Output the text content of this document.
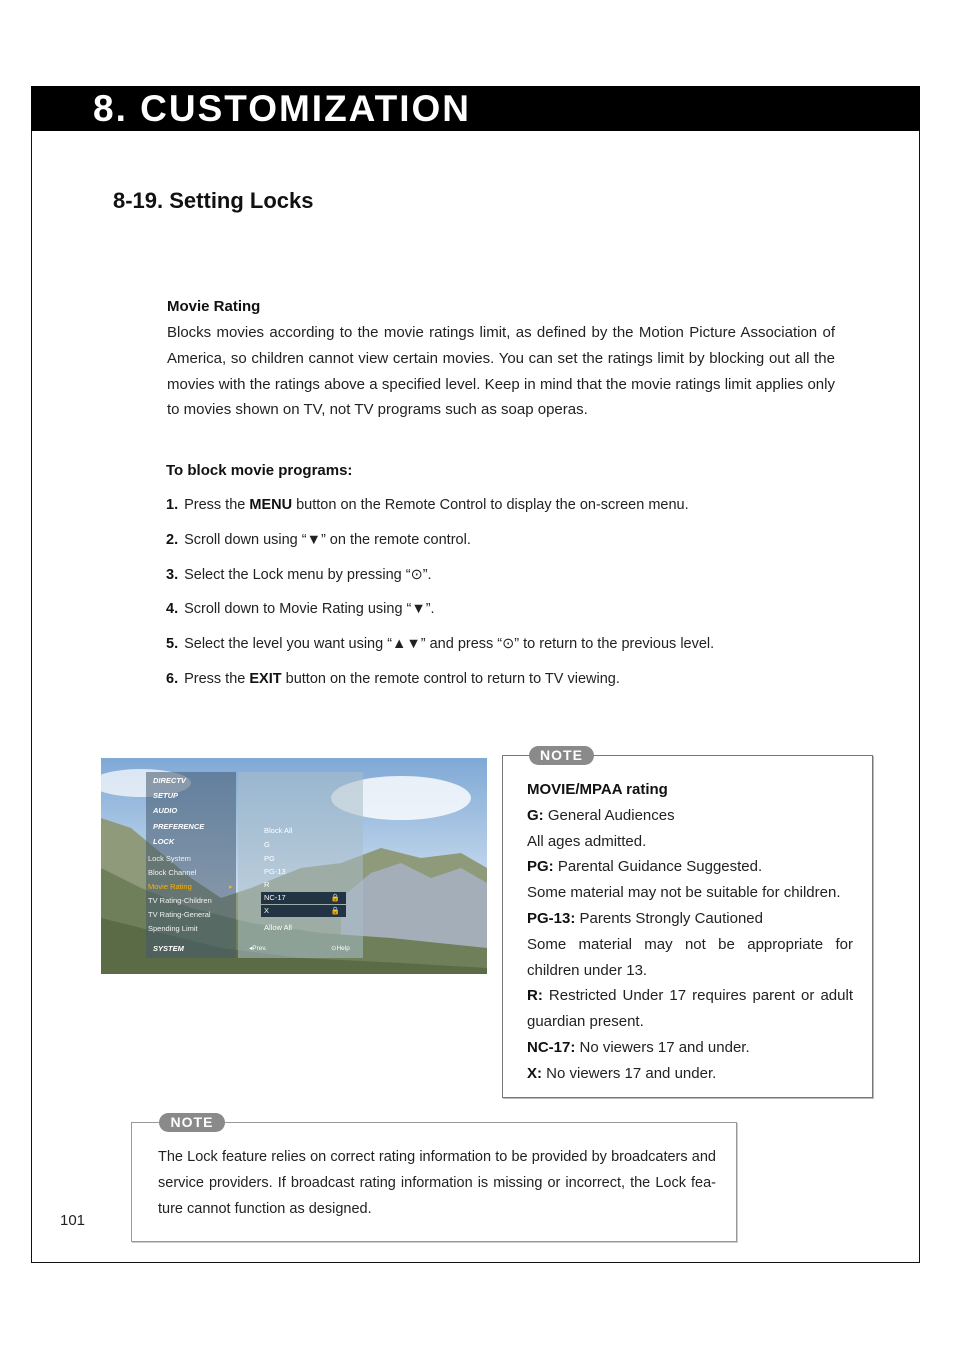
8. CUSTOMIZATION
8-19. Setting Locks
Movie Rating

Blocks movies according to the movie ratings limit, as defined by the Motion Picture Association of America, so children cannot view certain movies. You can set the ratings limit by blocking out all the movies with the ratings above a specified level. Keep in mind that the movie ratings limit applies only to movies shown on TV, not TV programs such as soap operas.

To block movie programs:
1. Press the MENU button on the Remote Control to display the on-screen menu.
2. Scroll down using “▼” on the remote control.
3. Select the Lock menu by pressing “⊙”.
4. Scroll down to Movie Rating using “▼”.
5. Select the level you want using “▲▼” and press “⊙” to return to the previous level.
6. Press the EXIT button on the remote control to return to TV viewing.
DIRECTV
SETUP
AUDIO
PREFERENCE
LOCK
Lock System
Block Channel
Movie Rating	▸
TV Rating-Children
TV Rating-General
Spending Limit
SYSTEM
Block All
G
PG
PG-13
R
NC-17	🔒
X	🔒
Allow All
◂Prev.	⊙Help
NOTE
MOVIE/MPAA rating
G: General Audiences
All ages admitted.
PG: Parental Guidance Suggested.
Some material may not be suitable for children.
PG-13: Parents Strongly Cautioned
Some material may not be appropriate for children under 13.
R: Restricted Under 17 requires parent or adult guardian present.
NC-17: No viewers 17 and under.
X: No viewers 17 and under.
NOTE

The Lock feature relies on correct rating information to be provided by broadcaters and service providers. If broadcast rating information is missing or incorrect, the Lock fea-ture cannot function as designed.

101
